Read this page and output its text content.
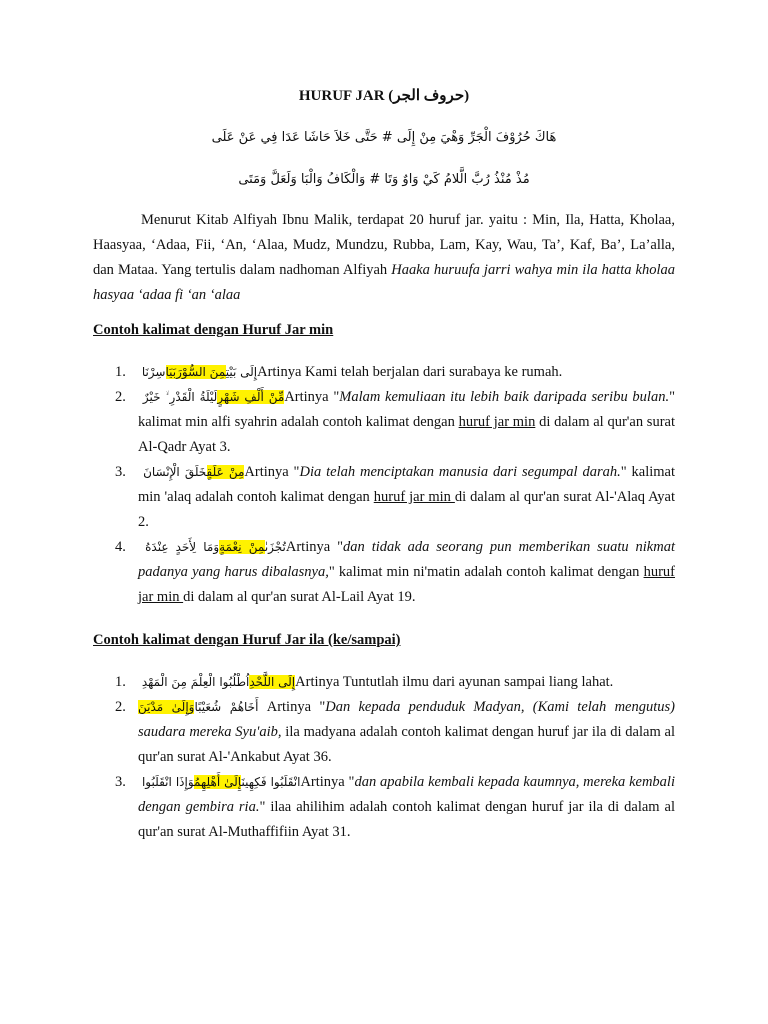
HURUF JAR (حروف الجر)
هَاكَ حُرُوْفَ الْجَرِّ وَهْيَ مِنْ إِلَى # حَتَّى خَلاَ حَاشَا عَدَا فِي عَنْ عَلَى
مُذْ مُنْذُ رُبَّ الَّلامُ كَيْ وَاوٌ وَتَا # وَالْكَافُ وَالْبَا وَلَعَلَّ وَمَتَى

Menurut Kitab Alfiyah Ibnu Malik, terdapat 20 huruf jar. yaitu : Min, Ila, Hatta, Kholaa, Haasyaa, ‘Adaa, Fii, ‘An, ‘Alaa, Mudz, Mundzu, Rubba, Lam, Kay, Wau, Ta’, Kaf, Ba’, La’alla, dan Mataa. Yang tertulis dalam nadhoman Alfiyah Haaka huruufa jarri wahya min ila hatta kholaa hasyaa ‘adaa fi ‘an ‘alaa

Contoh kalimat dengan Huruf Jar min
1.	إِلَى بَيْتِمِنَ السُّوْرَبَيَاسِرْنَا	Artinya Kami telah berjalan dari surabaya ke rumah.
2.	مِّنْ أَلْفِ شَهْرٍلَيْلَةُ الْقَدْرِ ۙ خَيْرٌ	Artinya "Malam kemuliaan itu lebih baik daripada seribu bulan." kalimat min alfi syahrin adalah contoh kalimat dengan huruf jar min di dalam al qur'an surat Al-Qadr Ayat 3.
3.	مِنْ عَلَقٍخَلَقَ الْإِنْسَانَ	Artinya "Dia telah menciptakan manusia dari segumpal darah." kalimat min 'alaq adalah contoh kalimat dengan huruf jar min di dalam al qur'an surat Al-'Alaq Ayat 2.
4.	تُجْزَىٰمِنْ نِعْمَةٍوَمَا لِأَحَدٍ عِنْدَهُ	Artinya "dan tidak ada seorang pun memberikan suatu nikmat padanya yang harus dibalasnya," kalimat min ni'matin adalah contoh kalimat dengan huruf jar min di dalam al qur'an surat Al-Lail Ayat 19.
Contoh kalimat dengan Huruf Jar ila (ke/sampai)
1.	إِلَى اللَّحْدِاُطْلُبُوا الْعِلْمَ مِنَ الْمَهْدِ	Artinya Tuntutlah ilmu dari ayunan sampai liang lahat.
2.	أَخَاهُمْ شُعَيْبًاوَإِلَىٰ مَدْيَنَ	Artinya "Dan kepada penduduk Madyan, (Kami telah mengutus) saudara mereka Syu'aib, ila madyana adalah contoh kalimat dengan huruf jar ila di dalam al qur'an surat Al-'Ankabut Ayat 36.
3.	انْقَلَبُوا فَكِهِينَإِلَىٰ أَهْلِهِمُوَإِذَا انْقَلَبُوا	Artinya "dan apabila kembali kepada kaumnya, mereka kembali dengan gembira ria." ilaa ahilihim adalah contoh kalimat dengan huruf jar ila di dalam al qur'an surat Al-Muthaffifiin Ayat 31.
